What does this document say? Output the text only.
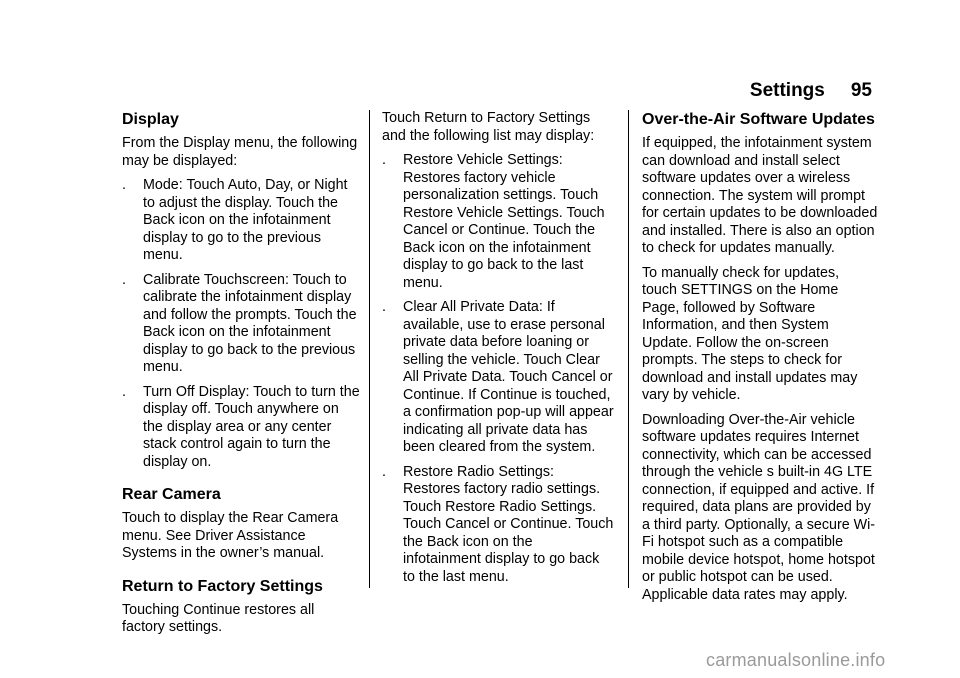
Settings 95
Display

From the Display menu, the following may be displayed:

. Mode: Touch Auto, Day, or Night to adjust the display. Touch the Back icon on the infotainment display to go to the previous menu.
. Calibrate Touchscreen: Touch to calibrate the infotainment display and follow the prompts. Touch the Back icon on the infotainment display to go back to the previous menu.
. Turn Off Display: Touch to turn the display off. Touch anywhere on the display area or any center stack control again to turn the display on.
Rear Camera

Touch to display the Rear Camera menu. See Driver Assistance Systems in the owner’s manual.

Return to Factory Settings

Touching Continue restores all factory settings.

Touch Return to Factory Settings and the following list may display:

. Restore Vehicle Settings: Restores factory vehicle personalization settings. Touch Restore Vehicle Settings. Touch Cancel or Continue. Touch the Back icon on the infotainment display to go back to the last menu.
. Clear All Private Data: If available, use to erase personal private data before loaning or selling the vehicle. Touch Clear All Private Data. Touch Cancel or Continue. If Continue is touched, a confirmation pop-up will appear indicating all private data has been cleared from the system.
. Restore Radio Settings: Restores factory radio settings. Touch Restore Radio Settings. Touch Cancel or Continue. Touch the Back icon on the infotainment display to go back to the last menu.
Over-the-Air Software Updates

If equipped, the infotainment system can download and install select software updates over a wireless connection. The system will prompt for certain updates to be downloaded and installed. There is also an option to check for updates manually.

To manually check for updates, touch SETTINGS on the Home Page, followed by Software Information, and then System Update. Follow the on-screen prompts. The steps to check for download and install updates may vary by vehicle.

Downloading Over-the-Air vehicle software updates requires Internet connectivity, which can be accessed through the vehicle s built-in 4G LTE connection, if equipped and active. If required, data plans are provided by a third party. Optionally, a secure Wi-Fi hotspot such as a compatible mobile device hotspot, home hotspot or public hotspot can be used. Applicable data rates may apply.

carmanualsonline.info
